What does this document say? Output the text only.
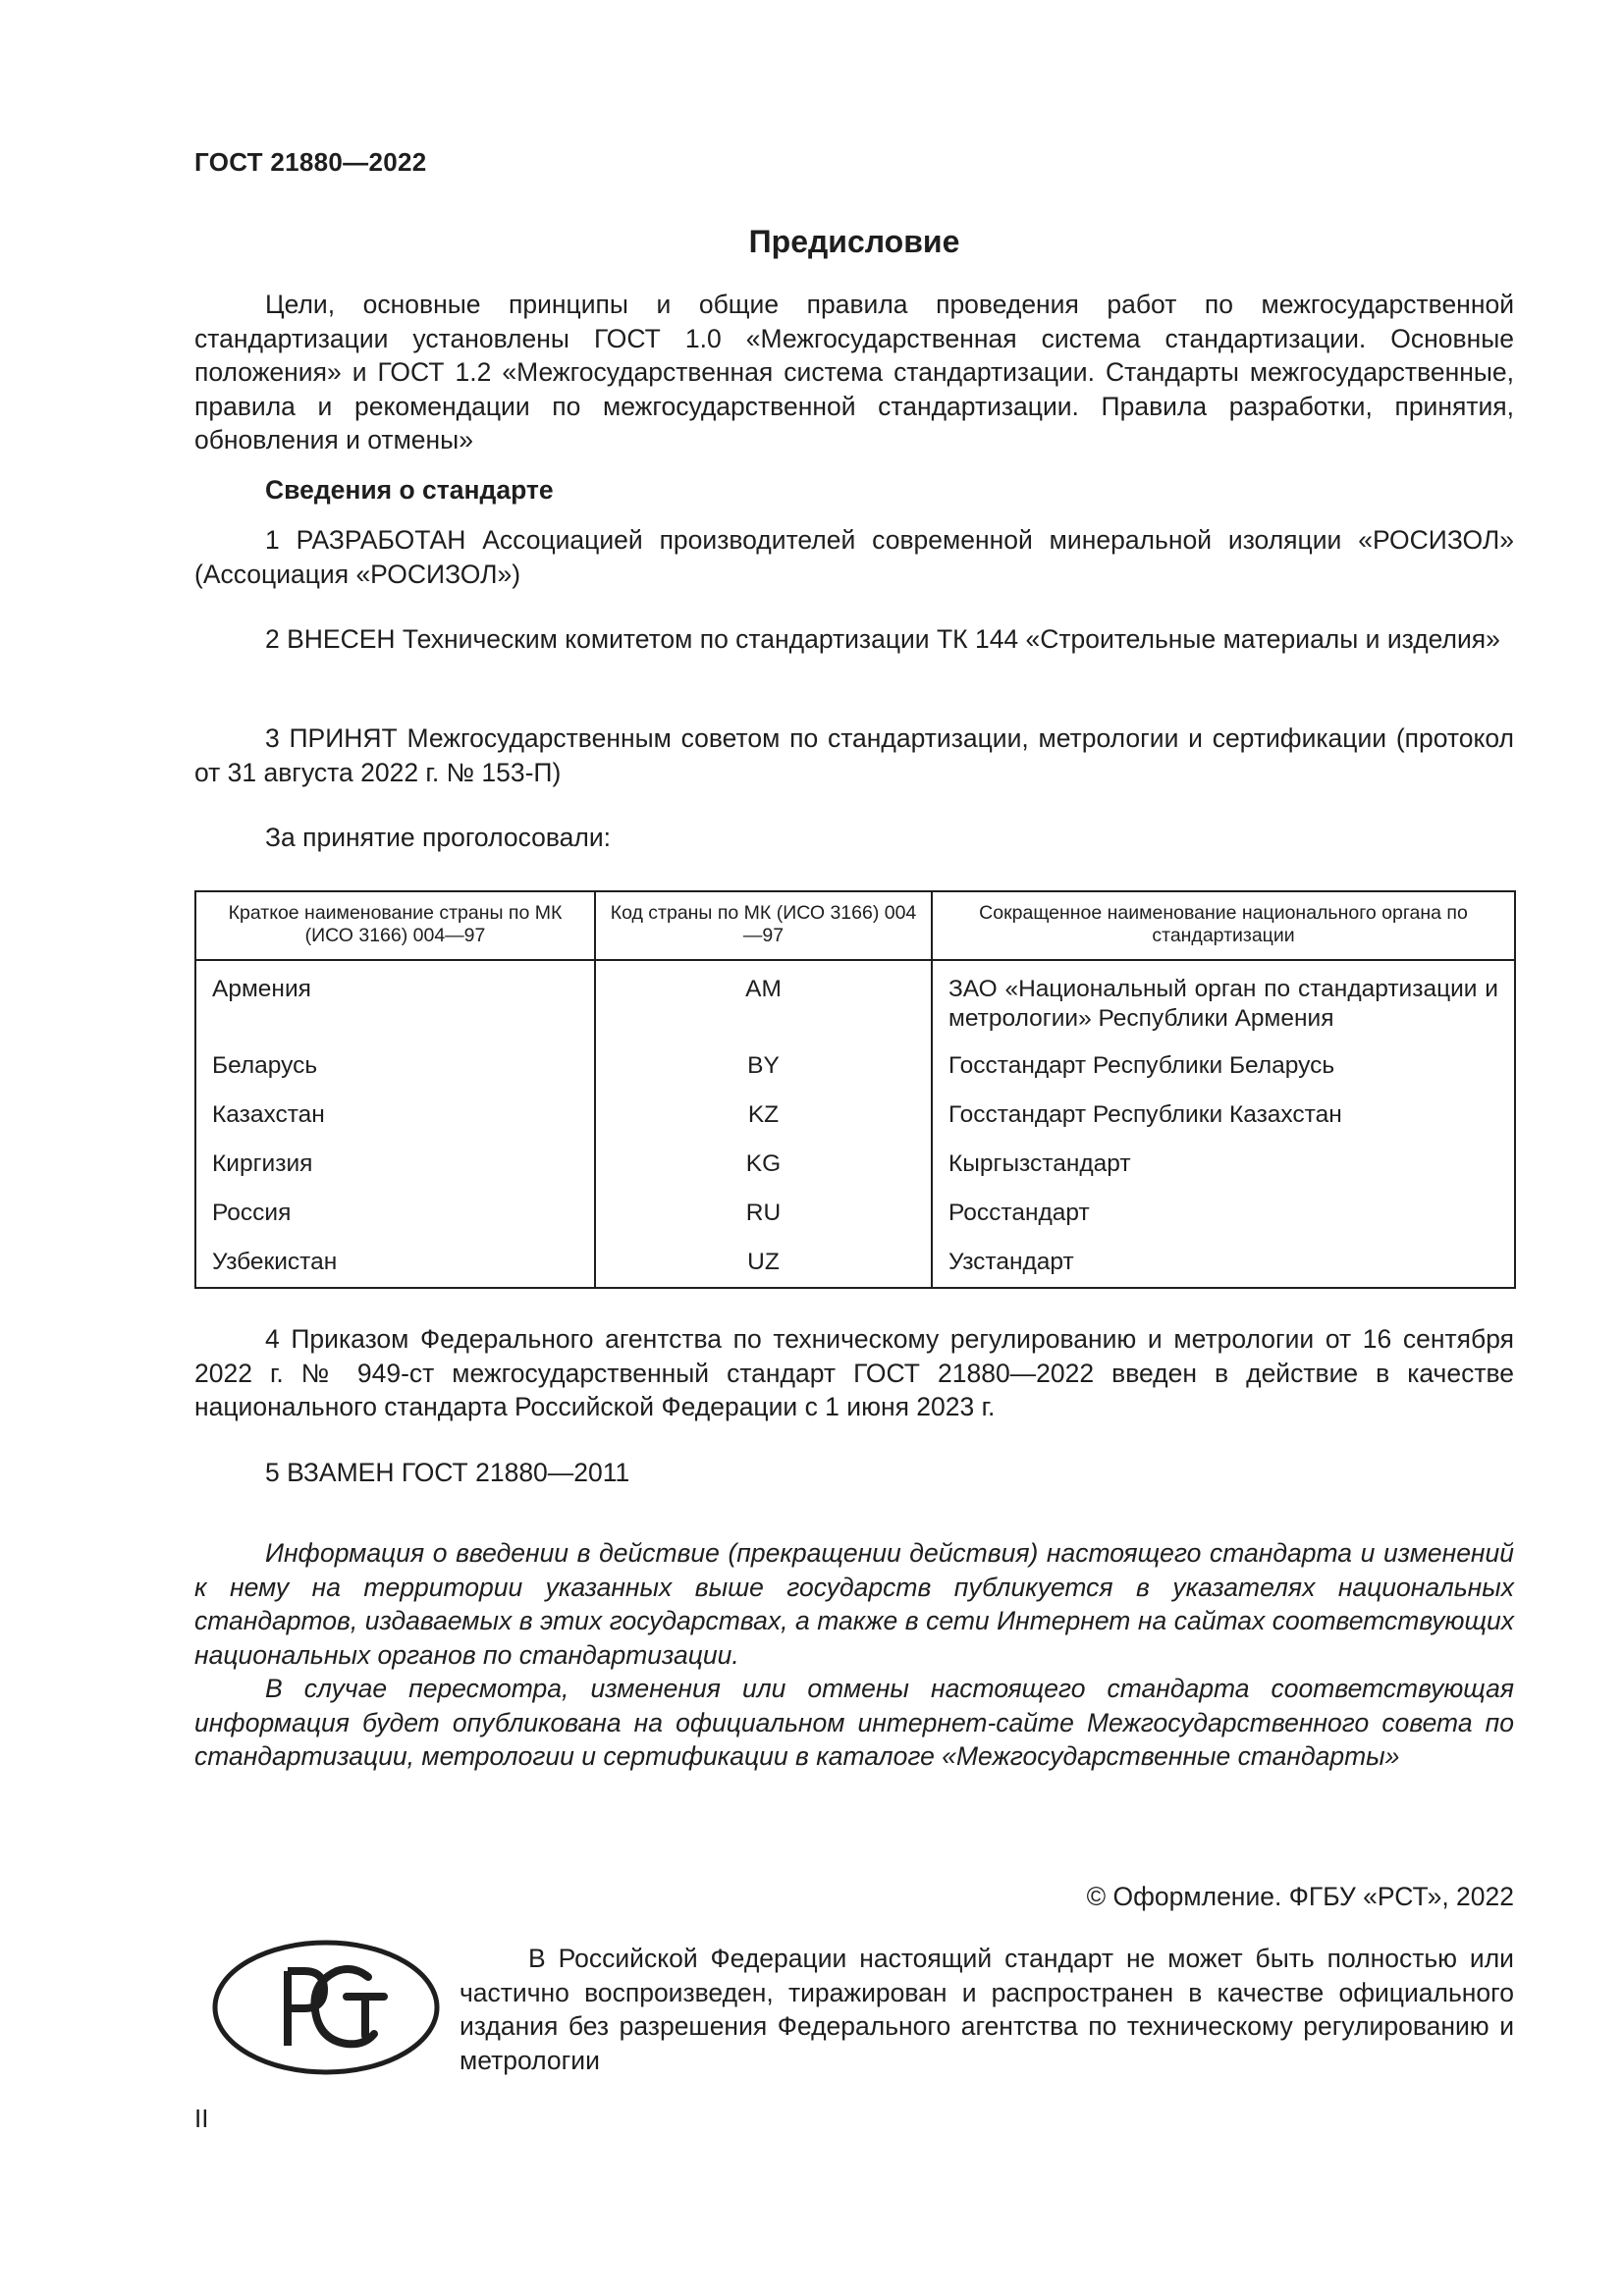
ГОСТ 21880—2022
Предисловие

Цели, основные принципы и общие правила проведения работ по межгосударственной стандартизации установлены ГОСТ 1.0 «Межгосударственная система стандартизации. Основные положения» и ГОСТ 1.2 «Межгосударственная система стандартизации. Стандарты межгосударственные, правила и рекомендации по межгосударственной стандартизации. Правила разработки, принятия, обновления и отмены»

Сведения о стандарте

1 РАЗРАБОТАН Ассоциацией производителей современной минеральной изоляции «РОСИЗОЛ» (Ассоциация «РОСИЗОЛ»)

2 ВНЕСЕН Техническим комитетом по стандартизации ТК 144 «Строительные материалы и изделия»

3 ПРИНЯТ Межгосударственным советом по стандартизации, метрологии и сертификации (протокол от 31 августа 2022 г. № 153-П)

За принятие проголосовали:
Краткое наименование страны по МК (ИСО 3166) 004—97	Код страны по МК (ИСО 3166) 004—97	Сокращенное наименование национального органа по стандартизации
Армения	AM	ЗАО «Национальный орган по стандартизации и метрологии» Республики Армения
Беларусь	BY	Госстандарт Республики Беларусь
Казахстан	KZ	Госстандарт Республики Казахстан
Киргизия	KG	Кыргызстандарт
Россия	RU	Росстандарт
Узбекистан	UZ	Узстандарт

4 Приказом Федерального агентства по техническому регулированию и метрологии от 16 сентября 2022 г. № 949-ст межгосударственный стандарт ГОСТ 21880—2022 введен в действие в качестве национального стандарта Российской Федерации с 1 июня 2023 г.

5 ВЗАМЕН ГОСТ 21880—2011

Информация о введении в действие (прекращении действия) настоящего стандарта и изменений к нему на территории указанных выше государств публикуется в указателях национальных стандартов, издаваемых в этих государствах, а также в сети Интернет на сайтах соответствующих национальных органов по стандартизации.

В случае пересмотра, изменения или отмены настоящего стандарта соответствующая информация будет опубликована на официальном интернет-сайте Межгосударственного совета по стандартизации, метрологии и сертификации в каталоге «Межгосударственные стандарты»

© Оформление. ФГБУ «РСТ», 2022

В Российской Федерации настоящий стандарт не может быть полностью или частично воспроизведен, тиражирован и распространен в качестве официального издания без разрешения Федерального агентства по техническому регулированию и метрологии

II
